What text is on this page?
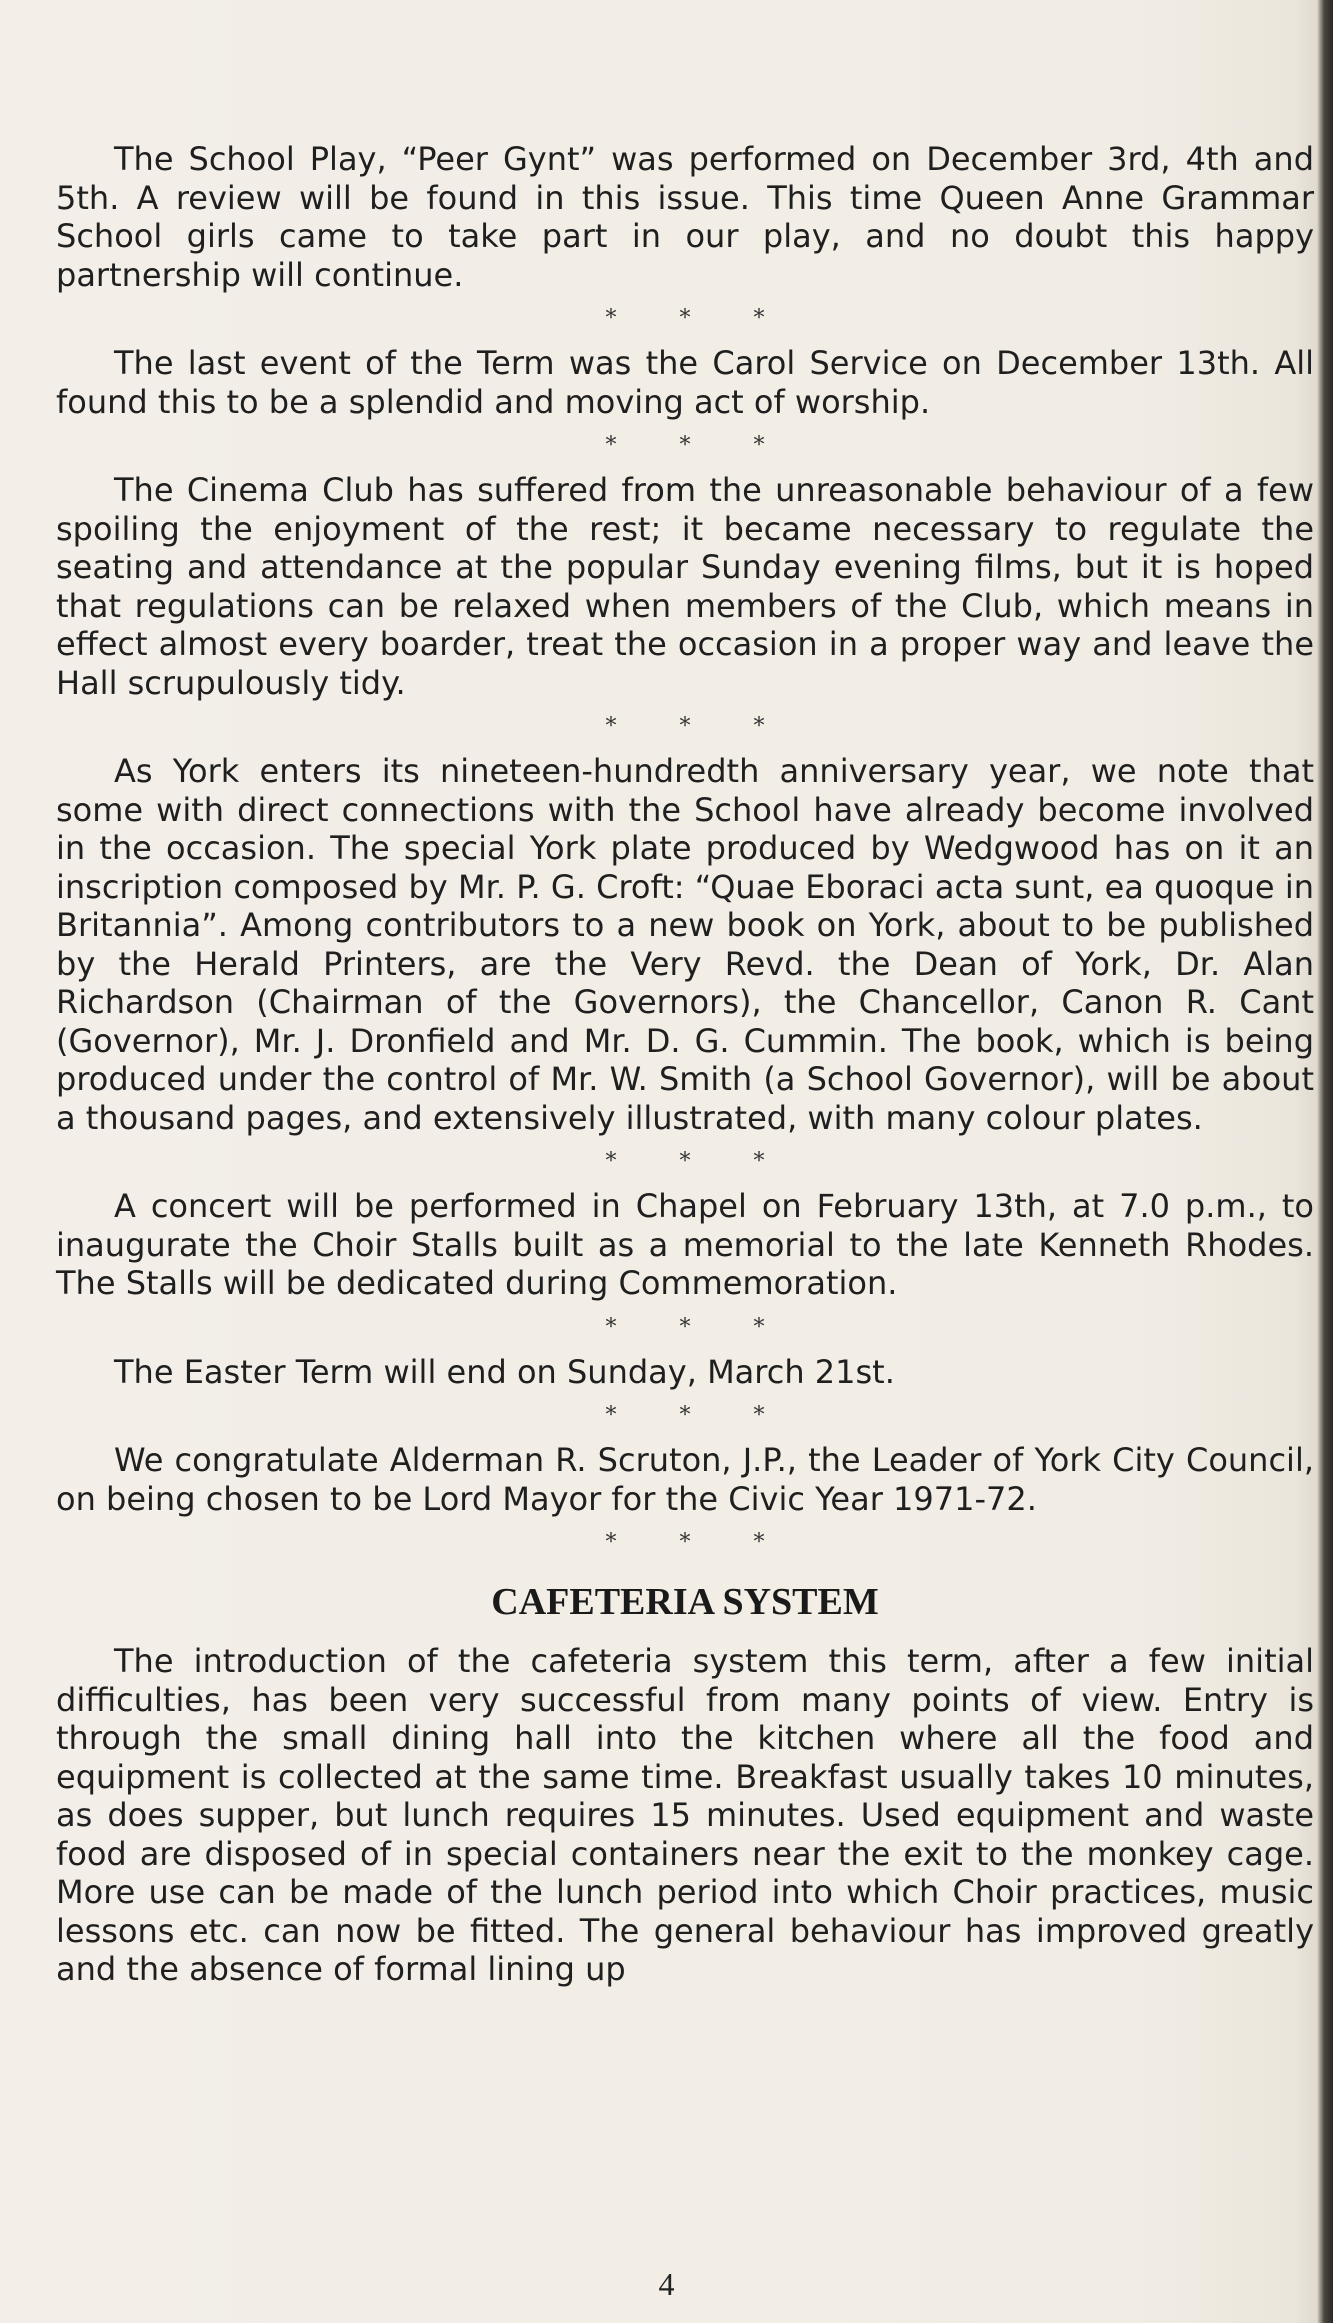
The School Play, “Peer Gynt” was performed on December 3rd, 4th and 5th. A review will be found in this issue. This time Queen Anne Grammar School girls came to take part in our play, and no doubt this happy partnership will continue.

* * *

The last event of the Term was the Carol Service on December 13th. All found this to be a splendid and moving act of worship.

* * *

The Cinema Club has suffered from the unreasonable behaviour of a few spoiling the enjoyment of the rest; it became necessary to regulate the seating and attendance at the popular Sunday evening films, but it is hoped that regulations can be relaxed when members of the Club, which means in effect almost every boarder, treat the occasion in a proper way and leave the Hall scrupulously tidy.

* * *

As York enters its nineteen-hundredth anniversary year, we note that some with direct connections with the School have already become involved in the occasion. The special York plate produced by Wedgwood has on it an inscription composed by Mr. P. G. Croft: “Quae Eboraci acta sunt, ea quoque in Britannia”. Among contributors to a new book on York, about to be published by the Herald Printers, are the Very Revd. the Dean of York, Dr. Alan Richardson (Chairman of the Governors), the Chancellor, Canon R. Cant (Governor), Mr. J. Dronfield and Mr. D. G. Cummin. The book, which is being produced under the control of Mr. W. Smith (a School Governor), will be about a thousand pages, and extensively illustrated, with many colour plates.

* * *

A concert will be performed in Chapel on February 13th, at 7.0 p.m., to inaugurate the Choir Stalls built as a memorial to the late Kenneth Rhodes. The Stalls will be dedicated during Commemoration.

* * *

The Easter Term will end on Sunday, March 21st.

* * *

We congratulate Alderman R. Scruton, J.P., the Leader of York City Council, on being chosen to be Lord Mayor for the Civic Year 1971-72.

* * *
CAFETERIA SYSTEM

The introduction of the cafeteria system this term, after a few initial difficulties, has been very successful from many points of view. Entry is through the small dining hall into the kitchen where all the food and equipment is collected at the same time. Breakfast usually takes 10 minutes, as does supper, but lunch requires 15 minutes. Used equipment and waste food are disposed of in special containers near the exit to the monkey cage. More use can be made of the lunch period into which Choir practices, music lessons etc. can now be fitted. The general behaviour has improved greatly and the absence of formal lining up

4
